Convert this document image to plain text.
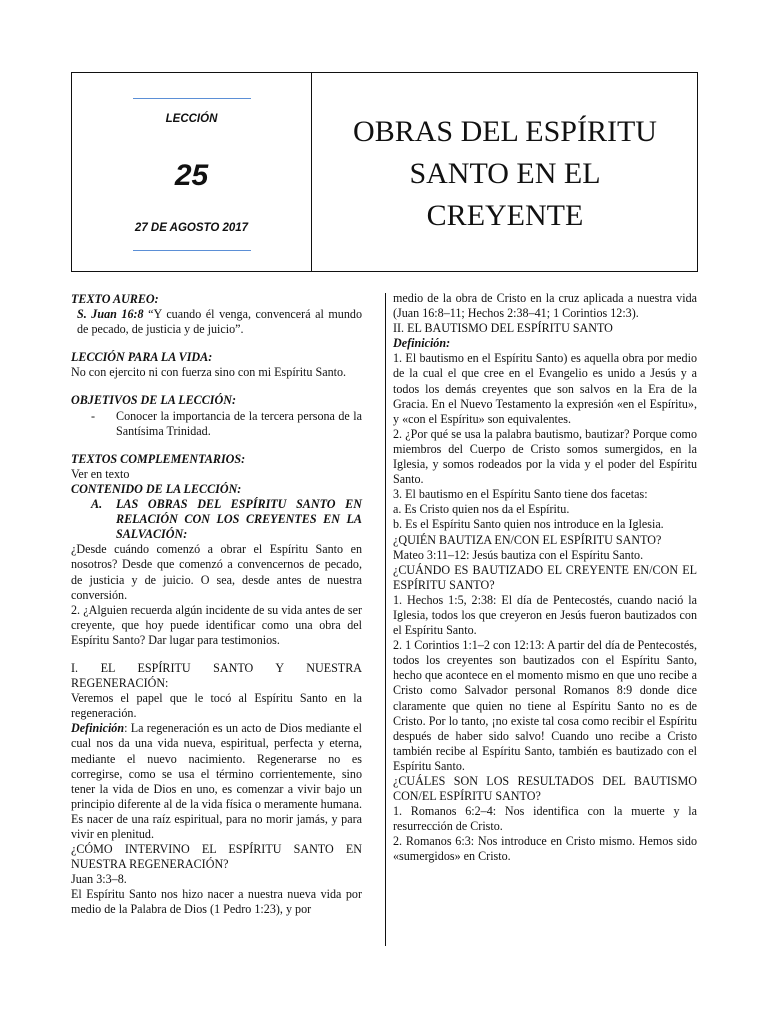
LECCIÓN
25
27 DE AGOSTO 2017
OBRAS DEL ESPÍRITU
SANTO EN EL
CREYENTE

TEXTO AUREO:

S. Juan 16:8 “Y cuando él venga, convencerá al mundo de pecado, de justicia y de juicio”.

LECCIÓN PARA LA VIDA:

No con ejercito ni con fuerza sino con mi Espíritu Santo.

OBJETIVOS DE LA LECCIÓN:

-	Conocer la importancia de la tercera persona de la Santísima Trinidad.

TEXTOS COMPLEMENTARIOS:

Ver en texto

CONTENIDO DE LA LECCIÓN:

A.	LAS OBRAS DEL ESPÍRITU SANTO EN RELACIÓN CON LOS CREYENTES EN LA SALVACIÓN:

¿Desde cuándo comenzó a obrar el Espíritu Santo en nosotros? Desde que comenzó a convencernos de pecado, de justicia y de juicio. O sea, desde antes de nuestra conversión.

2. ¿Alguien recuerda algún incidente de su vida antes de ser creyente, que hoy puede identificar como una obra del Espíritu Santo? Dar lugar para testimonios.

I. EL ESPÍRITU SANTO Y NUESTRA REGENERACIÓN:

Veremos el papel que le tocó al Espíritu Santo en la regeneración.

Definición: La regeneración es un acto de Dios mediante el cual nos da una vida nueva, espiritual, perfecta y eterna, mediante el nuevo nacimiento. Regenerarse no es corregirse, como se usa el término corrientemente, sino tener la vida de Dios en uno, es comenzar a vivir bajo un principio diferente al de la vida física o meramente humana. Es nacer de una raíz espiritual, para no morir jamás, y para vivir en plenitud.

¿CÓMO INTERVINO EL ESPÍRITU SANTO EN NUESTRA REGENERACIÓN?

Juan 3:3–8.

El Espíritu Santo nos hizo nacer a nuestra nueva vida por medio de la Palabra de Dios (1 Pedro 1:23), y por

medio de la obra de Cristo en la cruz aplicada a nuestra vida (Juan 16:8–11; Hechos 2:38–41; 1 Corintios 12:3).

II. EL BAUTISMO DEL ESPÍRITU SANTO

Definición:

1. El bautismo en el Espíritu Santo) es aquella obra por medio de la cual el que cree en el Evangelio es unido a Jesús y a todos los demás creyentes que son salvos en la Era de la Gracia. En el Nuevo Testamento la expresión «en el Espíritu», y «con el Espíritu» son equivalentes.

2. ¿Por qué se usa la palabra bautismo, bautizar? Porque como miembros del Cuerpo de Cristo somos sumergidos, en la Iglesia, y somos rodeados por la vida y el poder del Espíritu Santo.

3. El bautismo en el Espíritu Santo tiene dos facetas:

a. Es Cristo quien nos da el Espíritu.

b. Es el Espíritu Santo quien nos introduce en la Iglesia.

¿QUIÉN BAUTIZA EN/CON EL ESPÍRITU SANTO?

Mateo 3:11–12: Jesús bautiza con el Espíritu Santo.

¿CUÁNDO ES BAUTIZADO EL CREYENTE EN/CON EL ESPÍRITU SANTO?

1. Hechos 1:5, 2:38: El día de Pentecostés, cuando nació la Iglesia, todos los que creyeron en Jesús fueron bautizados con el Espíritu Santo.

2. 1 Corintios 1:1–2 con 12:13: A partir del día de Pentecostés, todos los creyentes son bautizados con el Espíritu Santo, hecho que acontece en el momento mismo en que uno recibe a Cristo como Salvador personal Romanos 8:9 donde dice claramente que quien no tiene al Espíritu Santo no es de Cristo. Por lo tanto, ¡no existe tal cosa como recibir el Espíritu después de haber sido salvo! Cuando uno recibe a Cristo también recibe al Espíritu Santo, también es bautizado con el Espíritu Santo.

¿CUÁLES SON LOS RESULTADOS DEL BAUTISMO CON/EL ESPÍRITU SANTO?

1. Romanos 6:2–4: Nos identifica con la muerte y la resurrección de Cristo.

2. Romanos 6:3: Nos introduce en Cristo mismo. Hemos sido «sumergidos» en Cristo.
